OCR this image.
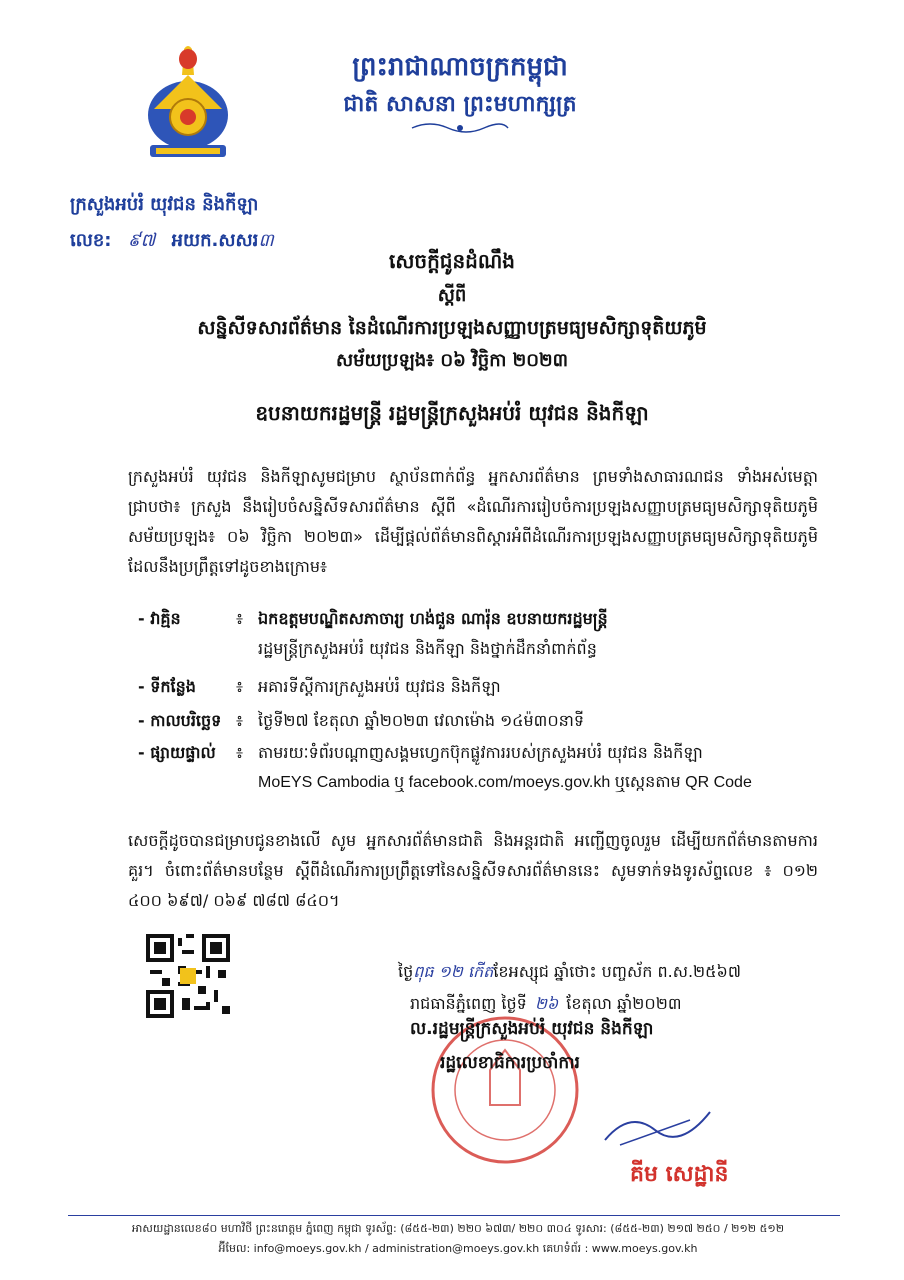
ព្រះរាជាណាចក្រកម្ពុជា
ជាតិ សាសនា ព្រះមហាក្សត្រ
ក្រសួងអប់រំ យុវជន និងកីឡា
លេខ: ៩៧ អយក.សសរ៣
សេចក្ដីជូនដំណឹង
ស្ដីពី
សន្និសីទសារព័ត៌មាន នៃដំណើរការប្រឡងសញ្ញាបត្រមធ្យមសិក្សាទុតិយភូមិ
សម័យប្រឡង៖ ០៦ វិច្ឆិកា ២០២៣
ឧបនាយករដ្ឋមន្ត្រី រដ្ឋមន្ត្រីក្រសួងអប់រំ យុវជន និងកីឡា
ក្រសួងអប់រំ យុវជន និងកីឡាសូមជម្រាប ស្ថាប័នពាក់ព័ន្ធ អ្នកសារព័ត៌មាន ព្រមទាំងសាធារណជន ទាំងអស់មេត្តាជ្រាបថា៖ ក្រសួង នឹងរៀបចំសន្និសីទសារព័ត៌មាន ស្ដីពី «ដំណើរការរៀបចំការប្រឡងសញ្ញាបត្រមធ្យមសិក្សាទុតិយភូមិ សម័យប្រឡង៖ ០៦ វិច្ឆិកា ២០២៣» ដើម្បីផ្ដល់ព័ត៌មានពិស្ដារអំពីដំណើរការប្រឡងសញ្ញាបត្រមធ្យមសិក្សាទុតិយភូមិ ដែលនឹងប្រព្រឹត្តទៅដូចខាងក្រោម៖
- វាគ្មិន	៖ ឯកឧត្តមបណ្ឌិតសភាចារ្យ ហង់ជួន ណារ៉ុន ឧបនាយករដ្ឋមន្ត្រី
រដ្ឋមន្ត្រីក្រសួងអប់រំ យុវជន និងកីឡា និងថ្នាក់ដឹកនាំពាក់ព័ន្ធ
- ទីកន្លែង	៖ អគារទីស្ដីការក្រសួងអប់រំ យុវជន និងកីឡា
- កាលបរិច្ឆេទ ៖ ថ្ងៃទី២៧ ខែតុលា ឆ្នាំ២០២៣ វេលាម៉ោង ១៤ម៉៣០នាទី
- ផ្សាយផ្ទាល់ ៖ តាមរយៈទំព័របណ្ដាញសង្គមហ្វេកប៊ុកផ្លូវការរបស់ក្រសួងអប់រំ យុវជន និងកីឡា
MoEYS Cambodia ឬ facebook.com/moeys.gov.kh ឬស្កេនតាម QR Code
សេចក្ដីដូចបានជម្រាបជូនខាងលើ សូម អ្នកសារព័ត៌មានជាតិ និងអន្តរជាតិ អញ្ជើញចូលរួម ដើម្បីយកព័ត៌មានតាមការគួរ។ ចំពោះព័ត៌មានបន្ថែម ស្ដីពីដំណើរការប្រព្រឹត្តទៅនៃសន្និសីទសារព័ត៌មាននេះ សូមទាក់ទងទូរស័ព្ទលេខ ៖ ០១២ ៤០០ ៦៩៧/ ០៦៩ ៧៨៧ ៨៤០។
ថ្ងៃពុធ ១២ កើតខែអស្សុជ ឆ្នាំថោះ បញ្ចស័ក ព.ស.២៥៦៧
រាជធានីភ្នំពេញ ថ្ងៃទី ២៦ ខែតុលា ឆ្នាំ២០២៣
ល.រដ្ឋមន្ត្រីក្រសួងអប់រំ យុវជន និងកីឡា
រដ្ឋលេខាធិការប្រចាំការ
គីម សេដ្ឋានី
អាសយដ្ឋានលេខ៨០ មហាវិថី ព្រះនរោត្ដម ភ្នំពេញ កម្ពុជា ទូរស័ព្ទ: (៨៥៥-២៣) ២២០ ៦៧៣/ ២២០ ៣០៤ ទូរសារ: (៨៥៥-២៣) ២១៧ ២៥០ / ២១២ ៥១២
អ៊ីមែល: info@moeys.gov.kh / administration@moeys.gov.kh គេហទំព័រ : www.moeys.gov.kh
